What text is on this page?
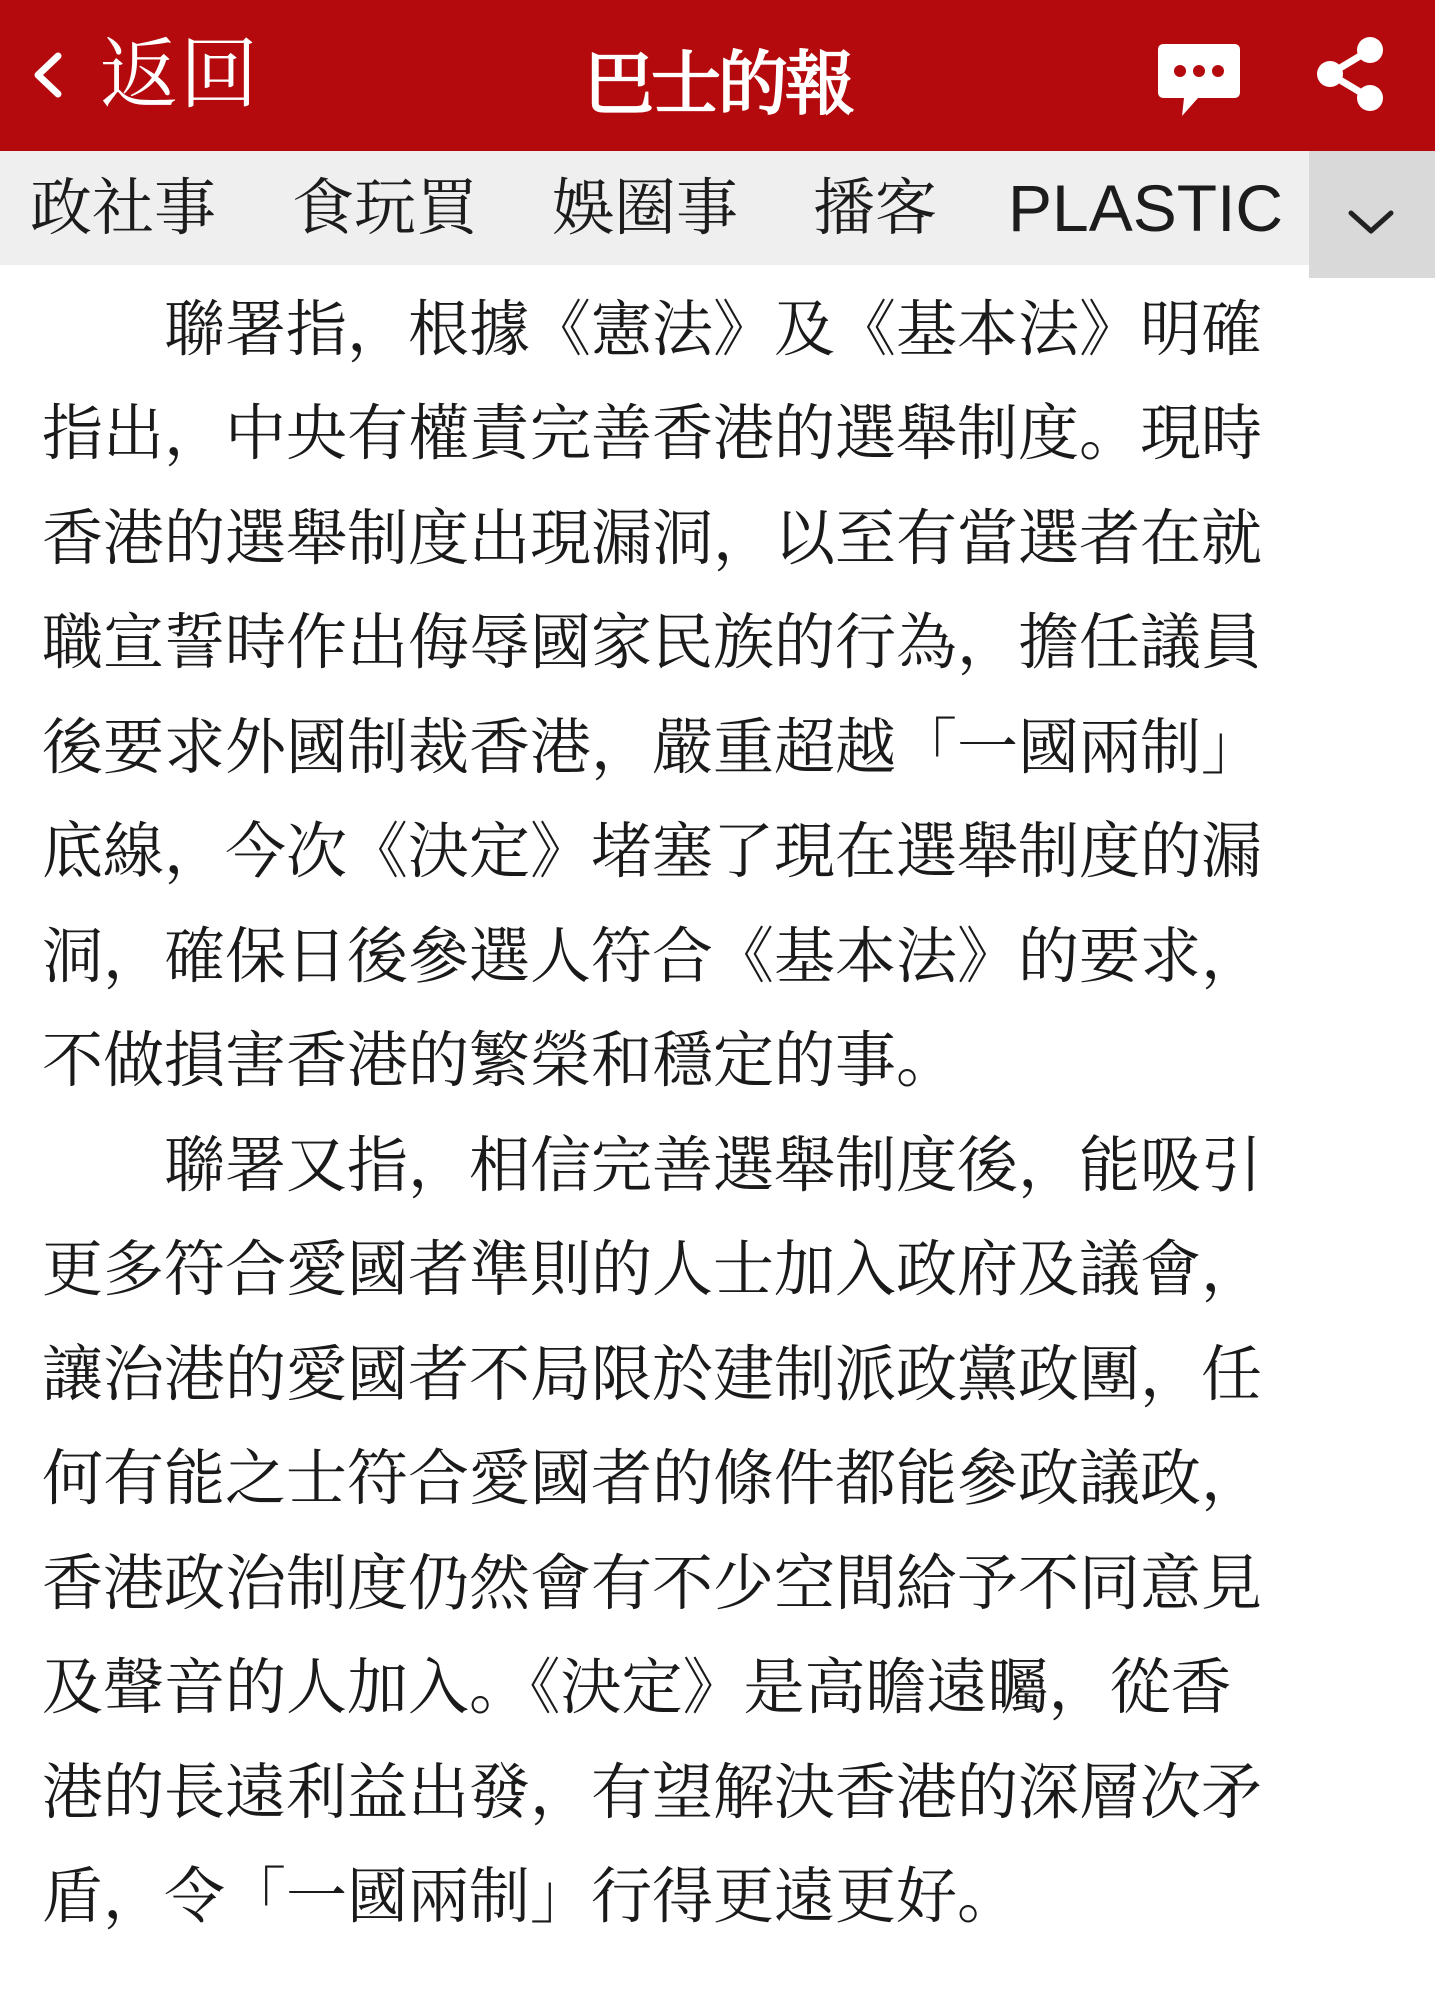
返回	巴士的報
政社事 食玩買 娛圈事 播客 PLASTIC
　　聯署指，根據《憲法》及《基本法》明確
指出，中央有權責完善香港的選舉制度。現時
香港的選舉制度出現漏洞，以至有當選者在就
職宣誓時作出侮辱國家民族的行為，擔任議員
後要求外國制裁香港，嚴重超越「一國兩制」
底線，今次《決定》堵塞了現在選舉制度的漏
洞，確保日後參選人符合《基本法》的要求，
不做損害香港的繁榮和穩定的事。
　　聯署又指，相信完善選舉制度後，能吸引
更多符合愛國者準則的人士加入政府及議會，
讓治港的愛國者不局限於建制派政黨政團，任
何有能之士符合愛國者的條件都能參政議政，
香港政治制度仍然會有不少空間給予不同意見
及聲音的人加入。《決定》是高瞻遠矚，從香
港的長遠利益出發，有望解決香港的深層次矛
盾，令「一國兩制」行得更遠更好。
